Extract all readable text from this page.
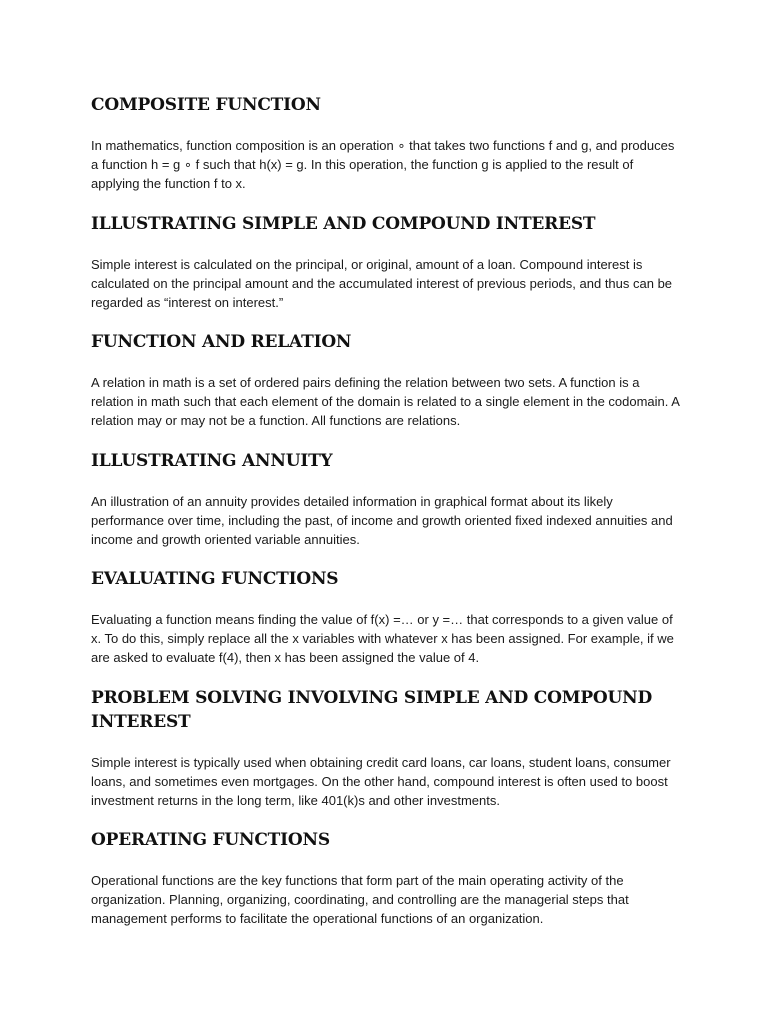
COMPOSITE FUNCTION

In mathematics, function composition is an operation ∘ that takes two functions f and g, and produces a function h = g ∘ f such that h(x) = g. In this operation, the function g is applied to the result of applying the function f to x.

ILLUSTRATING SIMPLE AND COMPOUND INTEREST

Simple interest is calculated on the principal, or original, amount of a loan. Compound interest is calculated on the principal amount and the accumulated interest of previous periods, and thus can be regarded as “interest on interest.”

FUNCTION AND RELATION

A relation in math is a set of ordered pairs defining the relation between two sets. A function is a relation in math such that each element of the domain is related to a single element in the codomain. A relation may or may not be a function. All functions are relations.

ILLUSTRATING ANNUITY

An illustration of an annuity provides detailed information in graphical format about its likely performance over time, including the past, of income and growth oriented fixed indexed annuities and income and growth oriented variable annuities.

EVALUATING FUNCTIONS

Evaluating a function means finding the value of f(x) =… or y =… that corresponds to a given value of x. To do this, simply replace all the x variables with whatever x has been assigned. For example, if we are asked to evaluate f(4), then x has been assigned the value of 4.

PROBLEM SOLVING INVOLVING SIMPLE AND COMPOUND INTEREST

Simple interest is typically used when obtaining credit card loans, car loans, student loans, consumer loans, and sometimes even mortgages. On the other hand, compound interest is often used to boost investment returns in the long term, like 401(k)s and other investments.

OPERATING FUNCTIONS

Operational functions are the key functions that form part of the main operating activity of the organization. Planning, organizing, coordinating, and controlling are the managerial steps that management performs to facilitate the operational functions of an organization.
